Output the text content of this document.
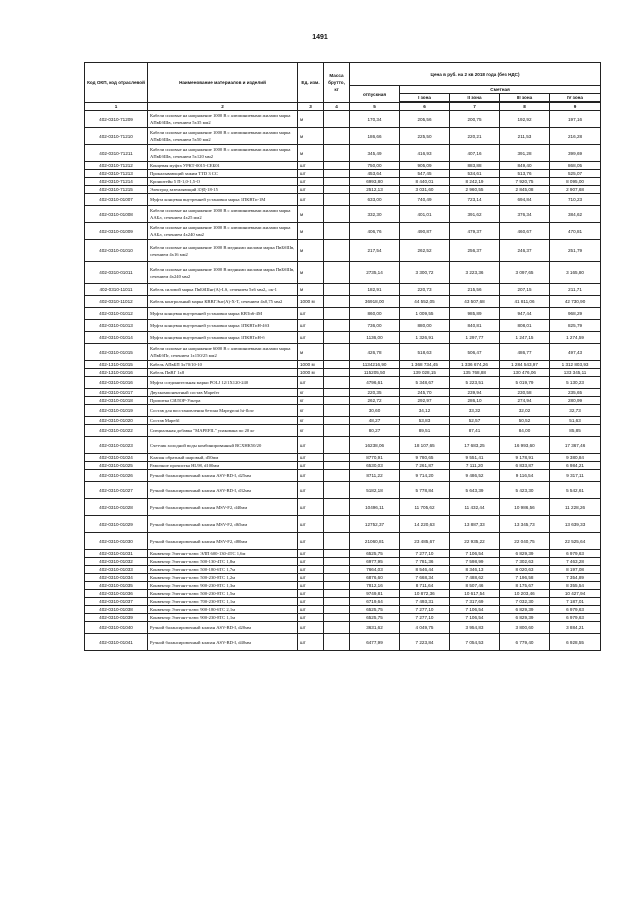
1491
Код ОКП, код отраслевой	Наименование материалов и изделий	Ед. изм.	Масса брутто, кг	Цена в руб. на 2 кв 2018 года (без НДС)				
				отпускная	Сметная			
					I зона	II зона	III зона	IV зона

1	2	3	4	5	6	7	8	9
402-0310-71209	Кабели силовые на напряжение 1000 В с алюминиевыми жилами марка АПвБбШв, сечением 5х35 мм2	м		170,34	205,56	200,75	192,92	197,16
402-0310-71210	Кабели силовые на напряжение 1000 В с алюминиевыми жилами марка АПвБбШв, сечением 5х50 мм2	м		186,66	225,50	220,21	211,53	216,28
402-0310-71211	Кабели силовые на напряжение 1000 В с алюминиевыми жилами марка АПвБбШв, сечением 5х120 мм2	м		345,49	416,93	407,16	391,28	399,69
402-0310-71212	Концевая муфта УРКТ-0015-СЕБ01	шт		750,00	905,09	883,88	849,40	868,05
402-0310-71213	Прокалывающий зажим TTD 3 CC	шт		453,64	547,45	534,61	513,76	525,07
402-0310-71214	Кронштейн 5 П-1,0-1,5-О	шт		6993,80	8 440,01	8 242,19	7 920,75	8 095,00
402-0310-71215	Электрод заземляющий ЗЭД-18-15	шт		2512,13	3 031,60	2 960,55	2 845,08	2 907,68
402-0310-01007	Муфта концевая внутренней установки марка 1ПКВТп-1М	шт		633,00	740,49	723,14	694,84	710,23
402-0310-01008	Кабели силовые на напряжение 1000 В с алюминиевыми жилами марка ААБл, сечением 4х25 мм2	м		332,30	401,01	391,62	376,34	384,62
402-0310-01009	Кабели силовые на напряжение 1000 В с алюминиевыми жилами марка ААБл, сечением 4х240 мм2	м		406,76	490,87	479,37	460,67	470,81
402-0310-01010	Кабели силовые на напряжение 1000 В медными жилами марка ПвБбШв, сечением 4х16 мм2	м		217,54	262,52	256,37	246,37	251,79
402-0310-01011	Кабели силовые на напряжение 1000 В медными жилами марка ПвБбШв, сечением 4х240 мм2	м		2735,14	3 300,72	3 223,36	3 097,65	3 165,80
402-0310-11011	Кабель силовой марка ПвБбШнг(А)-LS, сечением 5х6 мм2,, ок-1	м		182,91	220,73	215,56	207,15	211,71
402-0310-11012	Кабель контрольный марка КВВГЭнг(А)-Х-Т, сечением 4х0,75 мм2	1000 м		36918,00	44 552,05	43 507,68	41 811,06	42 730,90
402-0310-01012	Муфта концевая внутренней установки марка КВТп6-4М	шт		860,00	1 009,55	985,89	947,44	968,29
402-0310-01013	Муфта концевая внутренней установки марка 1ПКВТпН-4бЗ	шт		736,00	880,00	840,81	808,01	825,79
402-0310-01014	Муфта концевая внутренней установки марка 1ПКВТпН-б	шт		1136,00	1 326,91	1 297,77	1 247,15	1 274,59
402-0310-01015	Кабели силовые на напряжение 6000 В с алюминиевыми жилами марка АПвБбПг, сечением 1х150/25 мм2	м		426,78	518,63	506,47	486,77	497,43
402-1310-01015	Кабель АПвБП 3х70/10-10	1000 м		1134216,90	1 368 734,45	1 336 674,26	1 284 543,97	1 312 803,93
402-1310-01016	Кабель ПвВГ 1х8	1000 м		115205,50	139 028,15	135 768,88	130 476,06	133 345,11
402-0310-01016	Муфта соединительная марки POLJ 12/1Х120-240	шт		4796,61	5 348,67	5 223,51	5 019,79	5 130,23
402-0310-01017	Двухкомпонентный состав Mapefer	кг		220,35	245,70	239,94	230,58	235,65
402-0310-01018	Пропитка СИЛОР-Ультра	кг		262,72	292,97	286,10	274,94	280,99
402-0310-01019	Состав для восстановления бетона Mapegrout hi-flow	кг		30,60	34,12	33,32	32,02	32,73
402-0310-01020	Состав Mapefil	кг		48,27	53,83	52,57	50,52	51,63
402-0310-01022	Специальная добавка "MAPEFIL" упакована по 20 кг	кг		80,27	89,51	87,41	84,00	85,85
402-0310-01023	Счетчик холодной воды комбинированный ВСХНК50/20	шт		16238,06	18 107,65	17 683,25	16 993,60	17 367,46
402-0310-01024	Клапан обратный шаровый, d50мм	шт		8770,91	9 780,65	9 551,41	9 178,91	9 380,84
402-0310-01025	Рамочное прочистка HL98, d100мм	шт		6530,03	7 261,87	7 111,20	6 833,87	6 984,21
402-0310-01026	Ручной балансировочный клапан ASV-BD-I, d25мм	шт		8711,22	9 714,20	9 486,52	9 116,54	9 317,11
402-0310-01027	Ручной балансировочный клапан ASV-BD-I, d32мм	шт		5182,18	5 778,84	5 643,39	5 423,30	5 542,61
402-0310-01028	Ручной балансировочный клапан MSV-F2, d40мм	шт		10496,11	11 705,62	11 432,44	10 986,56	11 228,26
402-0310-01029	Ручной балансировочный клапан MSV-F2, d65мм	шт		12752,37	14 220,63	13 887,33	13 345,73	13 639,33
402-0310-01030	Ручной балансировочный клапан MSV-F2, d80мм	шт		21060,81	23 485,67	22 935,22	22 040,75	22 525,64
402-0310-01031	Конвектор Элегант-плюс ЭЛП 600-130-4ТС 1,6м	шт		6525,75	7 277,10	7 106,54	6 829,39	6 979,63
402-0310-01032	Конвектор Элегант-плюс 500-130-4ТС 1,8м	шт		6977,95	7 781,36	7 598,99	7 302,63	7 463,28
402-0310-01033	Конвектор Элегант-плюс 500-180-6ТС 1,7м	шт		7664,03	8 546,44	8 346,13	8 020,63	8 197,08
402-0310-01034	Конвектор Элегант-плюс 500-230-8ТС 1,2м	шт		6876,60	7 668,34	7 488,62	7 196,58	7 354,89
402-0310-01035	Конвектор Элегант-плюс 900-230-8ТС 1,3м	шт		7812,16	8 711,64	8 507,46	8 175,67	8 355,54
402-0310-01036	Конвектор Элегант-плюс 500-230-8ТС 1,5м	шт		9749,81	10 872,36	10 617,54	10 203,46	10 427,94
402-0310-01037	Конвектор Элегант-плюс 700-230-8ТС 1,1м	шт		6719,64	7 493,31	7 317,69	7 032,30	7 187,01
402-0310-01038	Конвектор Элегант-плюс 900-180-6ТС 2,1м	шт		6525,75	7 277,10	7 106,54	6 829,39	6 979,63
402-0310-01039	Конвектор Элегант-плюс 900-230-8ТС 1,1м	шт		6525,75	7 277,10	7 106,54	6 829,39	6 979,63
402-0310-01040	Ручной балансировочный клапан ASV-BD-I, d20мм	шт		3631,62	4 049,75	3 954,83	3 800,60	3 884,21
402-0310-01041	Ручной балансировочный клапан ASV-BD-I, d40мм	шт		6477,99	7 223,84	7 054,53	6 779,40	6 928,55
